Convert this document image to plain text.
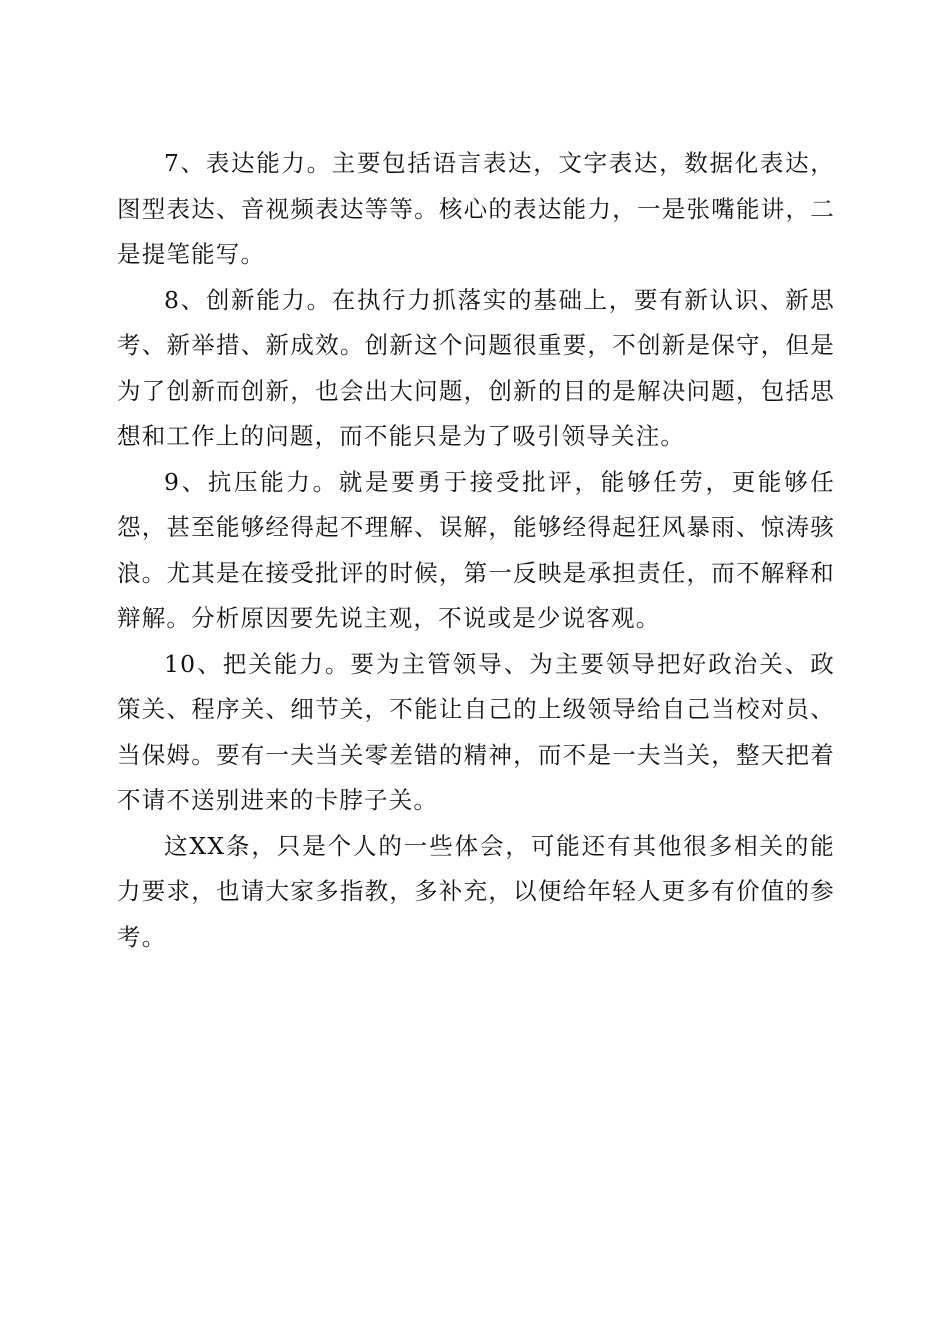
7、表达能力。主要包括语言表达，文字表达，数据化表达，图型表达、音视频表达等等。核心的表达能力，一是张嘴能讲，二是提笔能写。

8、创新能力。在执行力抓落实的基础上，要有新认识、新思考、新举措、新成效。创新这个问题很重要，不创新是保守，但是为了创新而创新，也会出大问题，创新的目的是解决问题，包括思想和工作上的问题，而不能只是为了吸引领导关注。

9、抗压能力。就是要勇于接受批评，能够任劳，更能够任怨，甚至能够经得起不理解、误解，能够经得起狂风暴雨、惊涛骇浪。尤其是在接受批评的时候，第一反映是承担责任，而不解释和辩解。分析原因要先说主观，不说或是少说客观。

10、把关能力。要为主管领导、为主要领导把好政治关、政策关、程序关、细节关，不能让自己的上级领导给自己当校对员、当保姆。要有一夫当关零差错的精神，而不是一夫当关，整天把着不请不送别进来的卡脖子关。

这XX条，只是个人的一些体会，可能还有其他很多相关的能力要求，也请大家多指教，多补充，以便给年轻人更多有价值的参考。
